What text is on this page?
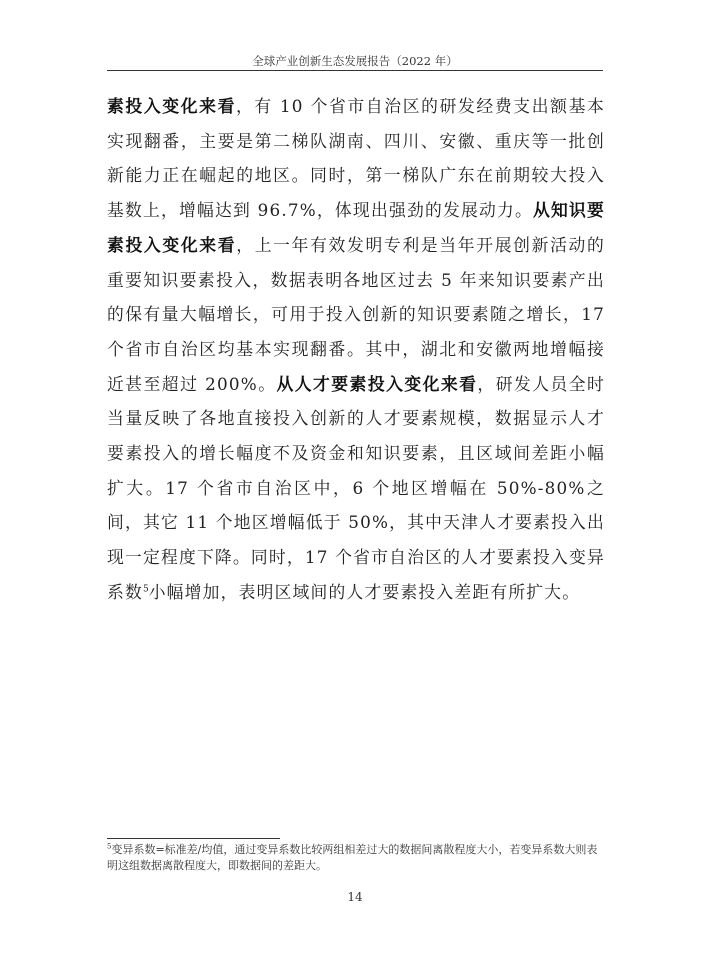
全球产业创新生态发展报告（2022 年）

素投入变化来看，有 10 个省市自治区的研发经费支出额基本实现翻番，主要是第二梯队湖南、四川、安徽、重庆等一批创新能力正在崛起的地区。同时，第一梯队广东在前期较大投入基数上，增幅达到 96.7%，体现出强劲的发展动力。从知识要素投入变化来看，上一年有效发明专利是当年开展创新活动的重要知识要素投入，数据表明各地区过去 5 年来知识要素产出的保有量大幅增长，可用于投入创新的知识要素随之增长，17 个省市自治区均基本实现翻番。其中，湖北和安徽两地增幅接近甚至超过 200%。从人才要素投入变化来看，研发人员全时当量反映了各地直接投入创新的人才要素规模，数据显示人才要素投入的增长幅度不及资金和知识要素，且区域间差距小幅扩大。17 个省市自治区中，6 个地区增幅在 50%-80%之间，其它 11 个地区增幅低于 50%，其中天津人才要素投入出现一定程度下降。同时，17 个省市自治区的人才要素投入变异系数$^5$小幅增加，表明区域间的人才要素投入差距有所扩大。

$^5$变异系数=标准差/均值，通过变异系数比较两组相差过大的数据间离散程度大小，若变异系数大则表明这组数据离散程度大，即数据间的差距大。

14
